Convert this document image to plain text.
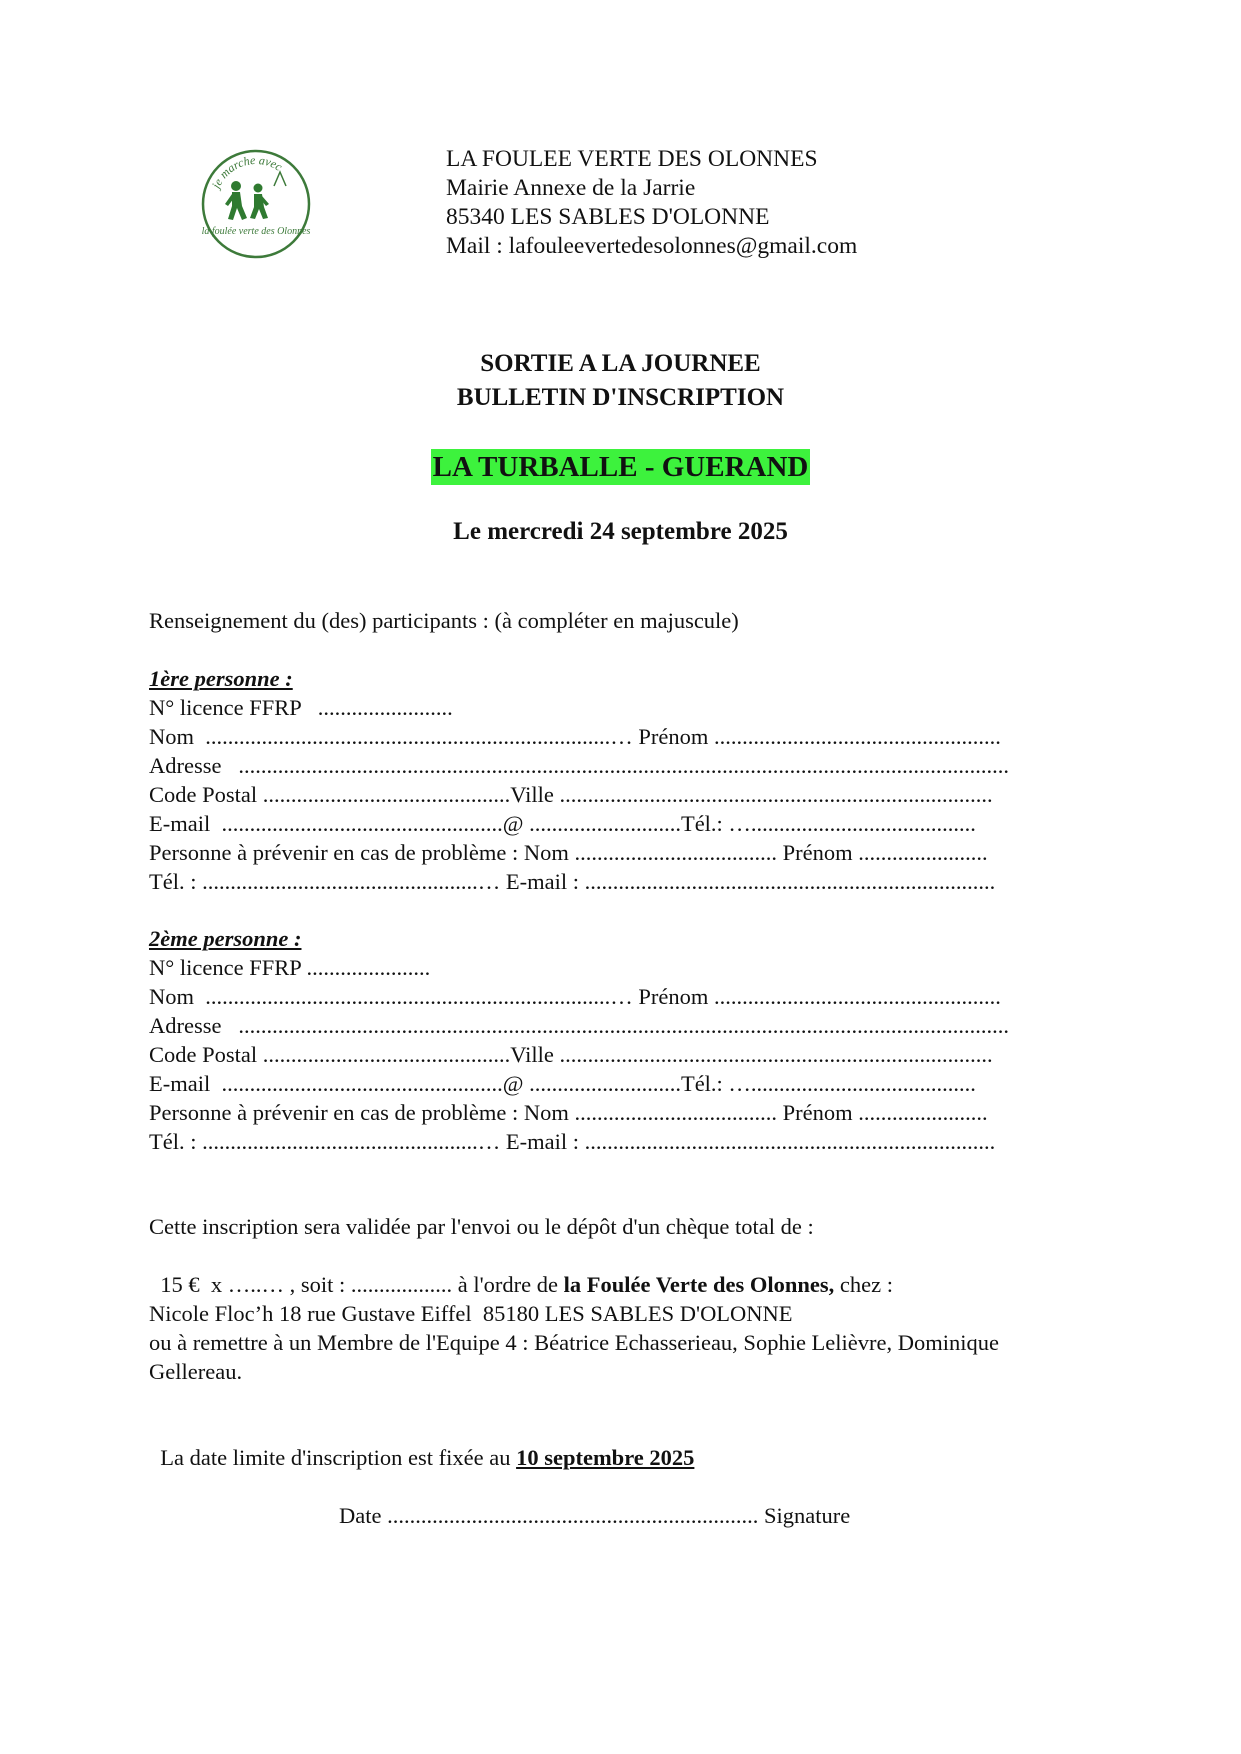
je marche avec
la foulée verte des Olonnes
LA FOULEE VERTE DES OLONNES
Mairie Annexe de la Jarrie
85340 LES SABLES D'OLONNE
Mail : lafouleevertedesolonnes@gmail.com
SORTIE A LA JOURNEE
BULLETIN D'INSCRIPTION
LA TURBALLE - GUERAND
Le mercredi 24 septembre 2025
Renseignement du (des) participants : (à compléter en majuscule)
1ère personne :
N° licence FFRP   ........................
Nom  ........................................................................… Prénom ...................................................
Adresse   .........................................................................................................................................
Code Postal ............................................Ville .............................................................................
E-mail  ..................................................@ ...........................Tél.: …........................................
Personne à prévenir en cas de problème : Nom .................................... Prénom .......................
Tél. : .................................................… E-mail : .........................................................................
2ème personne :
N° licence FFRP ......................
Nom  ........................................................................… Prénom ...................................................
Adresse   .........................................................................................................................................
Code Postal ............................................Ville .............................................................................
E-mail  ..................................................@ ...........................Tél.: …........................................
Personne à prévenir en cas de problème : Nom .................................... Prénom .......................
Tél. : .................................................… E-mail : .........................................................................
Cette inscription sera validée par l'envoi ou le dépôt d'un chèque total de :

15 €  x …..… , soit : .................. à l'ordre de la Foulée Verte des Olonnes, chez :

Nicole Floc’h 18 rue Gustave Eiffel  85180 LES SABLES D'OLONNE
ou à remettre à un Membre de l'Equipe 4 : Béatrice Echasserieau, Sophie Lelièvre, Dominique
Gellereau.

La date limite d'inscription est fixée au 10 septembre 2025

Date .................................................................. Signature
